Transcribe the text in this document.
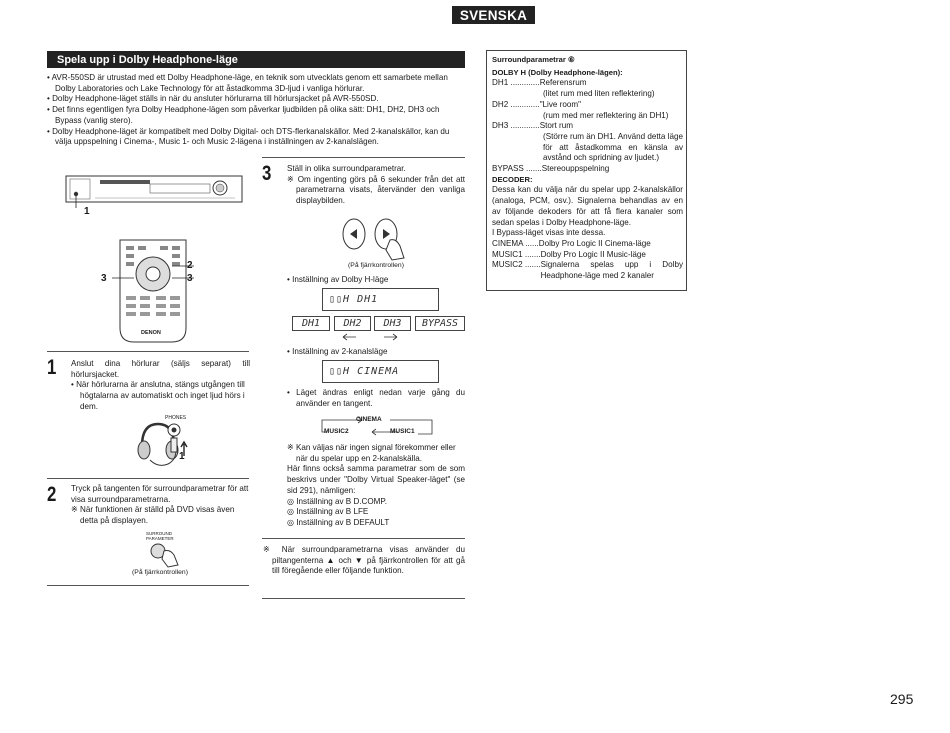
SVENSKA
Spela upp i Dolby Headphone-läge

• AVR-550SD är utrustad med ett Dolby Headphone-läge, en teknik som utvecklats genom ett samarbete mellan Dolby Laboratories och Lake Technology för att åstadkomma 3D-ljud i vanliga hörlurar.

• Dolby Headphone-läget ställs in när du ansluter hörlurarna till hörlursjacket på AVR-550SD.

• Det finns egentligen fyra Dolby Headphone-lägen som påverkar ljudbilden på olika sätt: DH1, DH2, DH3 och Bypass (vanlig stero).

• Dolby Headphone-läget är kompatibelt med Dolby Digital- och DTS-flerkanalskällor. Med 2-kanalskällor, kan du välja uppspelning i Cinema-, Music 1- och Music 2-lägena i inställningen av 2-kanalslägen.

1
DENON
3
2
3
1 Anslut dina hörlurar (säljs separat) till hörlursjacket.

• När hörlurarna är anslutna, stängs utgången till högtalarna av automatiskt och inget ljud hörs i dem.

PHONES
1
2 Tryck på tangenten för surroundparametrar för att visa surroundparametrarna.

※ När funktionen är ställd på DVD visas även detta på displayen.

SURROUND PARAMETER
(På fjärrkontrollen)
3 Ställ in olika surroundparametrar.

※ Om ingenting görs på 6 sekunder från det att parametrarna visats, återvänder den vanliga displaybilden.

(På fjärrkontrollen)
• Inställning av Dolby H-läge
▯▯H DH1
DH1	DH2	DH3	BYPASS
• Inställning av 2-kanalsläge
▯▯H CINEMA

• Läget ändras enligt nedan varje gång du använder en tangent.

CINEMA
MUSIC2	MUSIC1

※ Kan väljas när ingen signal förekommer eller när du spelar upp en 2-kanalskälla.

Här finns också samma parametrar som de som beskrivs under "Dolby Virtual Speaker-läget" (se sid 291), nämligen:

◎ Inställning av B D.COMP.

◎ Inställning av B LFE

◎ Inställning av B DEFAULT

※ När surroundparametrarna visas använder du piltangenterna ▲ och ▼ på fjärrkontrollen för att gå till föregående eller följande funktion.

Surroundparametrar ⑥

DOLBY H (Dolby Headphone-lägen):

DH1 ............. Referensrum

(litet rum med liten reflektering)

DH2 ............. "Live room"

(rum med mer reflektering än DH1)

DH3 ............. Stort rum

(Större rum än DH1. Använd detta läge för att åstadkomma en känsla av avstånd och spridning av ljudet.)

BYPASS ....... Stereouppspelning

DECODER:

Dessa kan du välja när du spelar upp 2-kanalskällor (analoga, PCM, osv.). Signalerna behandlas av en av följande dekoders för att få flera kanaler som sedan spelas i Dolby Headphone-läge.

I Bypass-läget visas inte dessa.

CINEMA ...... Dolby Pro Logic II Cinema-läge
MUSIC1 ....... Dolby Pro Logic II Music-läge
MUSIC2 ....... Signalerna spelas upp i Dolby Headphone-läge med 2 kanaler
295
